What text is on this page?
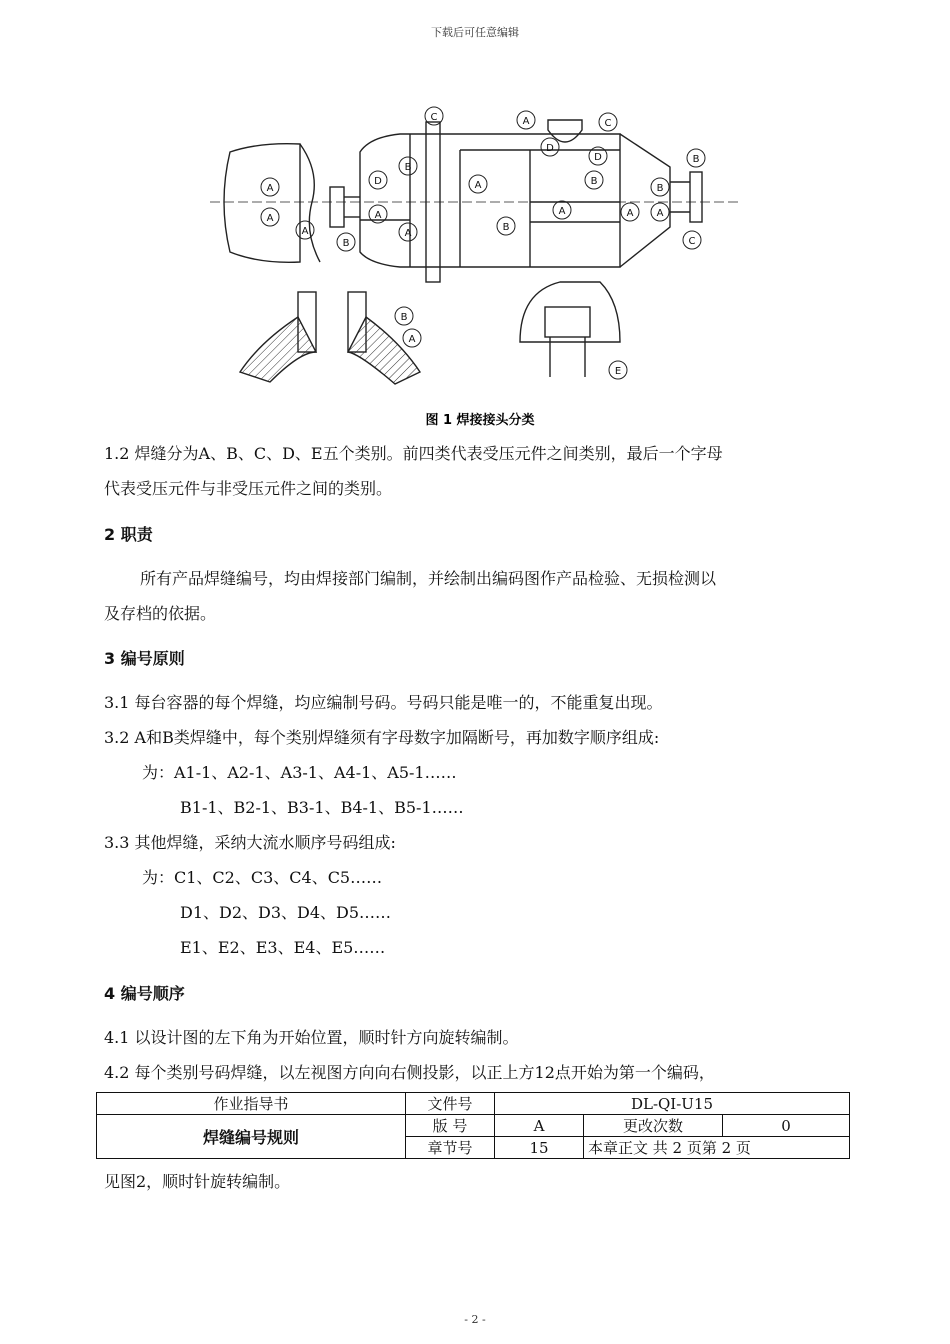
下载后可任意编辑
A
A
A
B
D
A
A
B
C
A
D
C
D
B
A
A
B
A
B
C
B
A
E
B
A
图 1 焊接接头分类
1.2 焊缝分为A、B、C、D、E五个类别。前四类代表受压元件之间类别，最后一个字母
代表受压元件与非受压元件之间的类别。
2 职责
所有产品焊缝编号，均由焊接部门编制，并绘制出编码图作产品检验、无损检测以
及存档的依据。
3 编号原则
3.1 每台容器的每个焊缝，均应编制号码。号码只能是唯一的，不能重复出现。
3.2 A和B类焊缝中，每个类别焊缝须有字母数字加隔断号，再加数字顺序组成:
为：A1-1、A2-1、A3-1、A4-1、A5-1……
B1-1、B2-1、B3-1、B4-1、B5-1……
3.3 其他焊缝，采纳大流水顺序号码组成:
为：C1、C2、C3、C4、C5……
D1、D2、D3、D4、D5……
E1、E2、E3、E4、E5……
4 编号顺序
4.1 以设计图的左下角为开始位置，顺时针方向旋转编制。
4.2 每个类别号码焊缝，以左视图方向向右侧投影，以正上方12点开始为第一个编码，
作业指导书	文件号	DL-QI-U15		
焊缝编号规则	版 号	A	更改次数	0
	章节号	15	本章正文 共 2 页第 2 页	
见图2，顺时针旋转编制。
- 2 -
